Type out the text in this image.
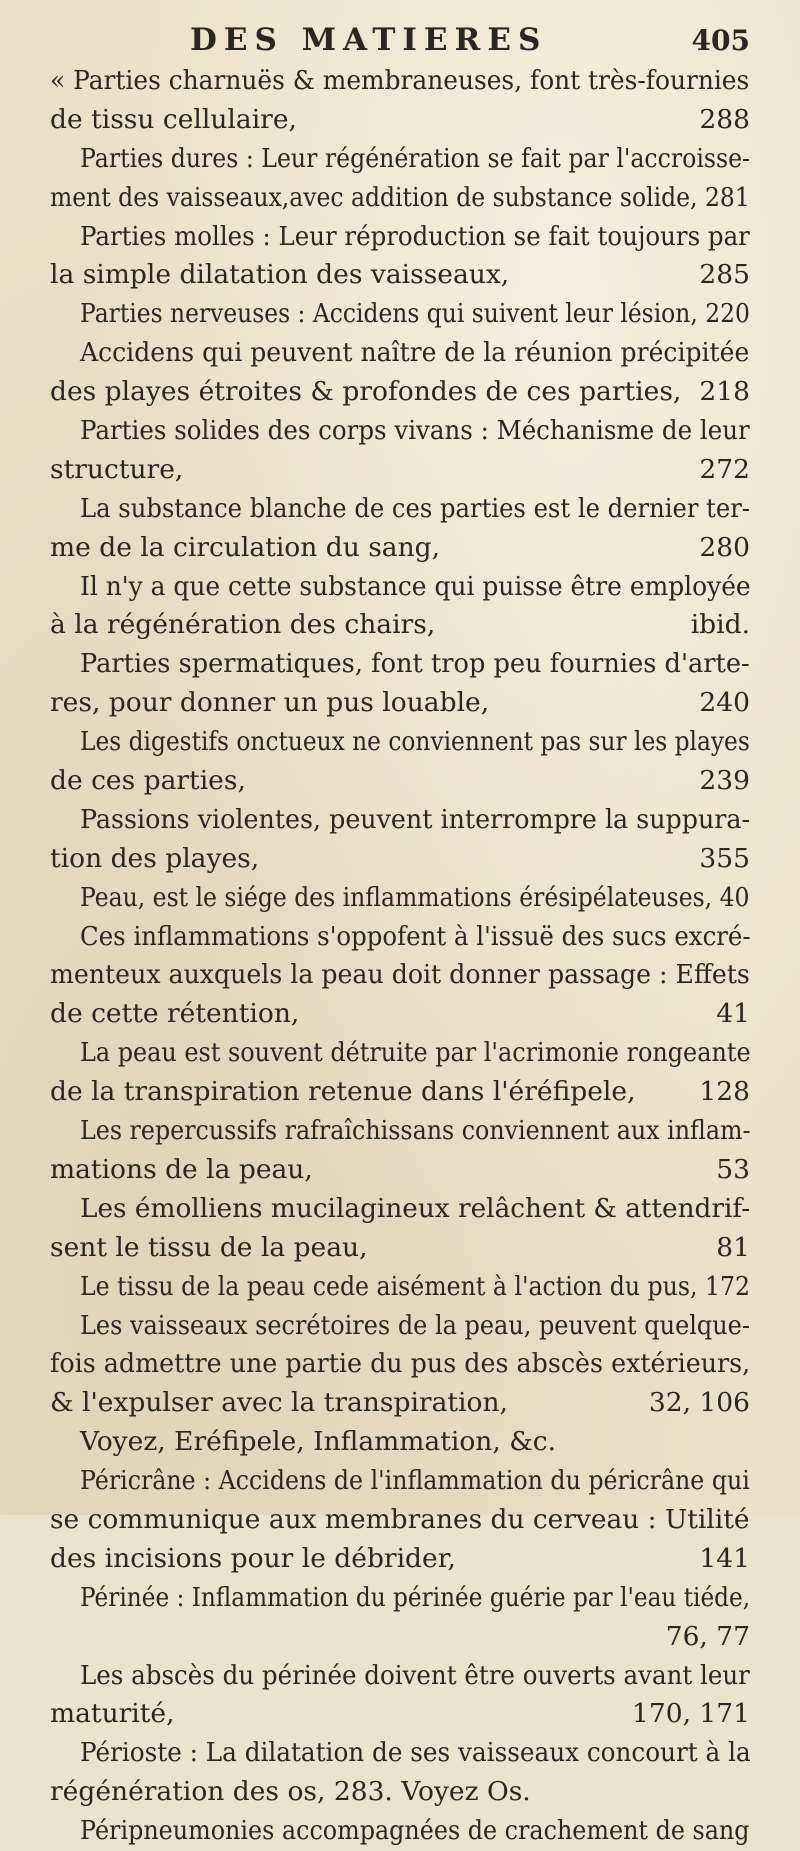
DES MATIERES	405
« Parties charnuës & membraneuses, font très-fournies
de tissu cellulaire,	288
Parties dures : Leur régénération se fait par l'accroisse-
ment des vaisseaux,avec addition de substance solide, 281
Parties molles : Leur réproduction se fait toujours par
la simple dilatation des vaisseaux,	285
Parties nerveuses : Accidens qui suivent leur lésion, 220
Accidens qui peuvent naître de la réunion précipitée
des playes étroites & profondes de ces parties, 218
Parties solides des corps vivans : Méchanisme de leur
structure,	272
La substance blanche de ces parties est le dernier ter-
me de la circulation du sang,	280
Il n'y a que cette substance qui puisse être employée
à la régénération des chairs,	ibid.
Parties spermatiques, font trop peu fournies d'arte-
res, pour donner un pus louable,	240
Les digestifs onctueux ne conviennent pas sur les playes
de ces parties,	239
Passions violentes, peuvent interrompre la suppura-
tion des playes,	355
Peau, est le siége des inflammations érésipélateuses, 40
Ces inflammations s'oppofent à l'issuë des sucs excré-
menteux auxquels la peau doit donner passage : Effets
de cette rétention,	41
La peau est souvent détruite par l'acrimonie rongeante
de la transpiration retenue dans l'éréfipele, 128
Les repercussifs rafraîchissans conviennent aux inflam-
mations de la peau,	53
Les émolliens mucilagineux relâchent & attendrif-
sent le tissu de la peau,	81
Le tissu de la peau cede aisément à l'action du pus, 172
Les vaisseaux secrétoires de la peau, peuvent quelque-
fois admettre une partie du pus des abscès extérieurs,
& l'expulser avec la transpiration,	32, 106
Voyez, Eréfipele, Inflammation, &c.
Péricrâne : Accidens de l'inflammation du péricrâne qui
se communique aux membranes du cerveau : Utilité
des incisions pour le débrider,	141
Périnée : Inflammation du périnée guérie par l'eau tiéde,
76, 77
Les abscès du périnée doivent être ouverts avant leur
maturité,	170, 171
Périoste : La dilatation de ses vaisseaux concourt à la
régénération des os, 283. Voyez Os.
Péripneumonies accompagnées de crachement de sang
